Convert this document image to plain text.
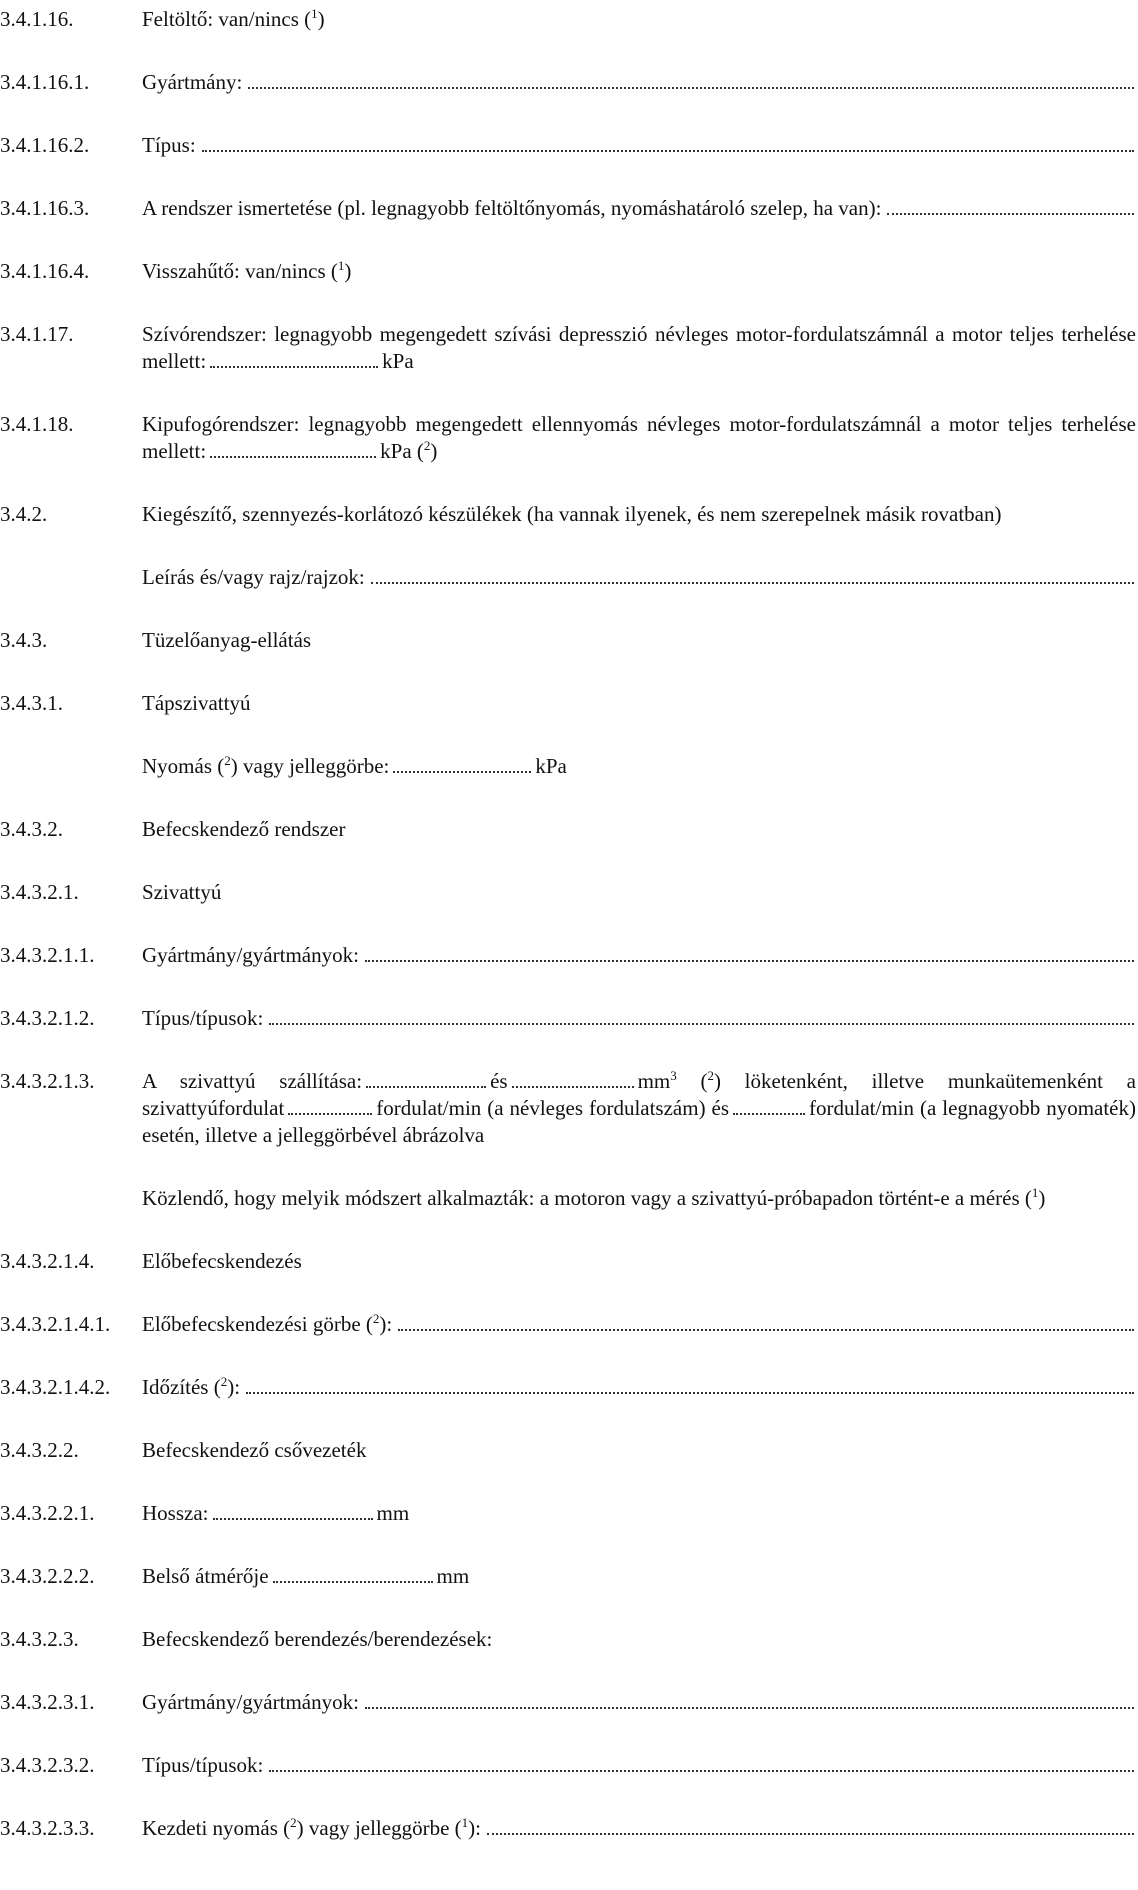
3.4.1.16.	Feltöltő: van/nincs ($^1$)
3.4.1.16.1.	Gyártmány:
3.4.1.16.2.	Típus:
3.4.1.16.3.	A rendszer ismertetése (pl. legnagyobb feltöltőnyomás, nyomáshatároló szelep, ha van):
3.4.1.16.4.	Visszahűtő: van/nincs ($^1$)
3.4.1.17.	Szívórendszer: legnagyobb megengedett szívási depresszió névleges motor-fordulatszámnál a motor teljes terhelése mellett:	kPa
3.4.1.18.	Kipufogórendszer: legnagyobb megengedett ellennyomás névleges motor-fordulatszámnál a motor teljes terhelése mellett:	kPa ($^2$)
3.4.2.	Kiegészítő, szennyezés-korlátozó készülékek (ha vannak ilyenek, és nem szerepelnek másik rovatban)
Leírás és/vagy rajz/rajzok:
3.4.3.	Tüzelőanyag-ellátás
3.4.3.1.	Tápszivattyú
Nyomás ($^2$) vagy jelleggörbe:	kPa
3.4.3.2.	Befecskendező rendszer
3.4.3.2.1.	Szivattyú
3.4.3.2.1.1.	Gyártmány/gyártmányok:
3.4.3.2.1.2.	Típus/típusok:
3.4.3.2.1.3.	A szivattyú szállítása:	és	$mm^3$ ($^2$) löketenként, illetve munkaütemenként a szivattyúfordulat	fordulat/min (a névleges fordulatszám) és	fordulat/min (a legnagyobb nyomaték) esetén, illetve a jelleggörbével ábrázolva
Közlendő, hogy melyik módszert alkalmazták: a motoron vagy a szivattyú-próbapadon történt-e a mérés ($^1$)
3.4.3.2.1.4.	Előbefecskendezés
3.4.3.2.1.4.1.	Előbefecskendezési görbe ($^2$):
3.4.3.2.1.4.2.	Időzítés ($^2$):
3.4.3.2.2.	Befecskendező csővezeték
3.4.3.2.2.1.	Hossza:	mm
3.4.3.2.2.2.	Belső átmérője	mm
3.4.3.2.3.	Befecskendező berendezés/berendezések:
3.4.3.2.3.1.	Gyártmány/gyártmányok:
3.4.3.2.3.2.	Típus/típusok:
3.4.3.2.3.3.	Kezdeti nyomás ($^2$) vagy jelleggörbe ($^1$):
